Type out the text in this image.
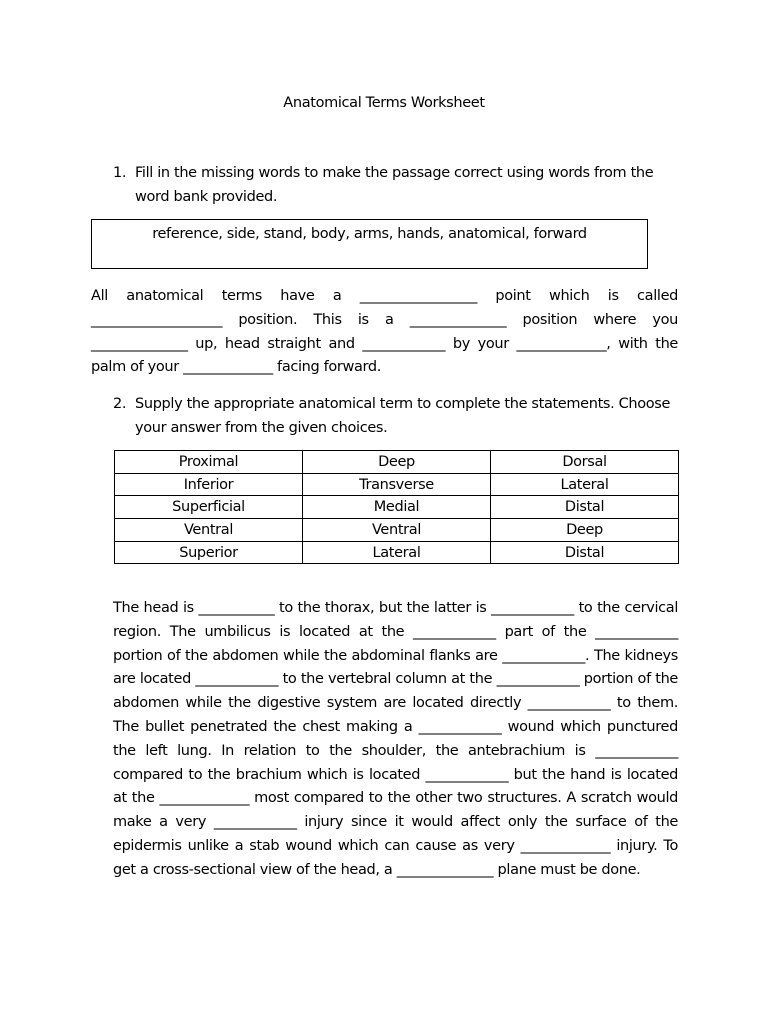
Anatomical Terms Worksheet
1. Fill in the missing words to make the passage correct using words from the word bank provided.
reference, side, stand, body, arms, hands, anatomical, forward
All anatomical terms have a _________________ point which is called ___________________ position. This is a ______________ position where you ______________ up, head straight and ____________ by your _____________, with the palm of your _____________ facing forward.
2. Supply the appropriate anatomical term to complete the statements. Choose your answer from the given choices.
Proximal	Deep	Dorsal
Inferior	Transverse	Lateral
Superficial	Medial	Distal
Ventral	Ventral	Deep
Superior	Lateral	Distal
The head is ___________ to the thorax, but the latter is ____________ to the cervical region. The umbilicus is located at the ____________ part of the ____________ portion of the abdomen while the abdominal flanks are ____________. The kidneys are located ____________ to the vertebral column at the ____________ portion of the abdomen while the digestive system are located directly ____________ to them. The bullet penetrated the chest making a ____________ wound which punctured the left lung. In relation to the shoulder, the antebrachium is ____________ compared to the brachium which is located ____________ but the hand is located at the _____________ most compared to the other two structures. A scratch would make a very ____________ injury since it would affect only the surface of the epidermis unlike a stab wound which can cause as very _____________ injury. To get a cross-sectional view of the head, a ______________ plane must be done.
